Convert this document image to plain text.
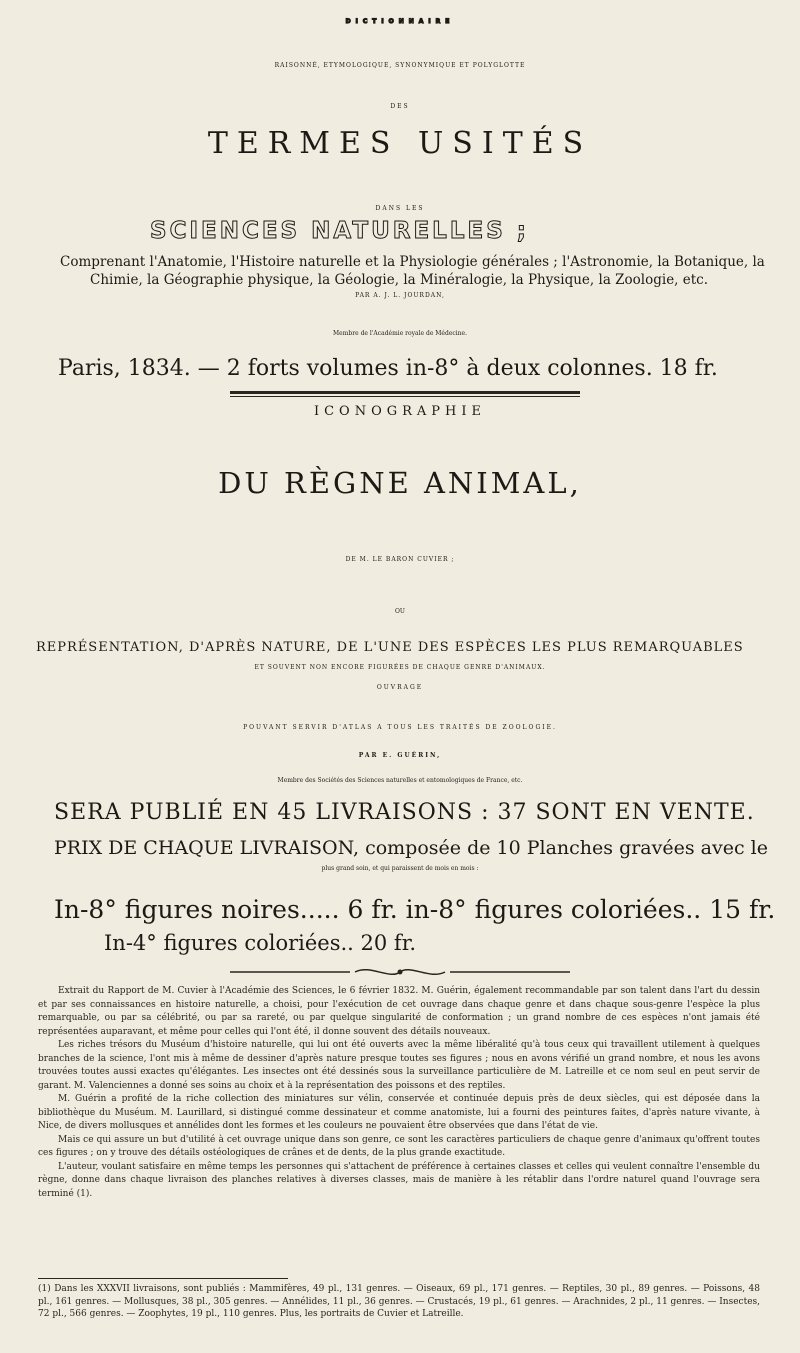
DICTIONNAIRE
RAISONNÉ, ETYMOLOGIQUE, SYNONYMIQUE ET POLYGLOTTE
DES
TERMES USITÉS
DANS LES
SCIENCES NATURELLES ;
Comprenant l'Anatomie, l'Histoire naturelle et la Physiologie générales ; l'Astronomie, la Botanique, la
Chimie, la Géographie physique, la Géologie, la Minéralogie, la Physique, la Zoologie, etc.
PAR A. J. L. JOURDAN,
Membre de l'Académie royale de Médecine.
Paris, 1834. — 2 forts volumes in-8° à deux colonnes. 18 fr.
ICONOGRAPHIE
DU RÈGNE ANIMAL,
DE M. LE BARON CUVIER ;
OU
REPRÉSENTATION, D'APRÈS NATURE, DE L'UNE DES ESPÈCES LES PLUS REMARQUABLES
ET SOUVENT NON ENCORE FIGURÉES DE CHAQUE GENRE D'ANIMAUX.
OUVRAGE
POUVANT SERVIR D'ATLAS A TOUS LES TRAITÉS DE ZOOLOGIE.
PAR E. GUÉRIN,
Membre des Sociétés des Sciences naturelles et entomologiques de France, etc.
SERA PUBLIÉ EN 45 LIVRAISONS : 37 SONT EN VENTE.
PRIX DE CHAQUE LIVRAISON, composée de 10 Planches gravées avec le
plus grand soin, et qui paraissent de mois en mois :
In-8° figures noires..... 6 fr. in-8° figures coloriées.. 15 fr.
In-4° figures coloriées.. 20 fr.

Extrait du Rapport de M. Cuvier à l'Académie des Sciences, le 6 février 1832. M. Guérin, également recommandable par son talent dans l'art du dessin et par ses connaissances en histoire naturelle, a choisi, pour l'exécution de cet ouvrage dans chaque genre et dans chaque sous-genre l'espèce la plus remarquable, ou par sa célébrité, ou par sa rareté, ou par quelque singularité de conformation ; un grand nombre de ces espèces n'ont jamais été représentées auparavant, et même pour celles qui l'ont été, il donne souvent des détails nouveaux.

Les riches trésors du Muséum d'histoire naturelle, qui lui ont été ouverts avec la même libéralité qu'à tous ceux qui travaillent utilement à quelques branches de la science, l'ont mis à même de dessiner d'après nature presque toutes ses figures ; nous en avons vérifié un grand nombre, et nous les avons trouvées toutes aussi exactes qu'élégantes. Les insectes ont été dessinés sous la surveillance particulière de M. Latreille et ce nom seul en peut servir de garant. M. Valenciennes a donné ses soins au choix et à la représentation des poissons et des reptiles.

M. Guérin a profité de la riche collection des miniatures sur vélin, conservée et continuée depuis près de deux siècles, qui est déposée dans la bibliothèque du Muséum. M. Laurillard, si distingué comme dessinateur et comme anatomiste, lui a fourni des peintures faites, d'après nature vivante, à Nice, de divers mollusques et annélides dont les formes et les couleurs ne pouvaient être observées que dans l'état de vie.

Mais ce qui assure un but d'utilité à cet ouvrage unique dans son genre, ce sont les caractères particuliers de chaque genre d'animaux qu'offrent toutes ces figures ; on y trouve des détails ostéologiques de crânes et de dents, de la plus grande exactitude.

L'auteur, voulant satisfaire en même temps les personnes qui s'attachent de préférence à certaines classes et celles qui veulent connaître l'ensemble du règne, donne dans chaque livraison des planches relatives à diverses classes, mais de manière à les rétablir dans l'ordre naturel quand l'ouvrage sera terminé (1).

(1) Dans les XXXVII livraisons, sont publiés : Mammifères, 49 pl., 131 genres. — Oiseaux, 69 pl., 171 genres. — Reptiles, 30 pl., 89 genres. — Poissons, 48 pl., 161 genres. — Mollusques, 38 pl., 305 genres. — Annélides, 11 pl., 36 genres. — Crustacés, 19 pl., 61 genres. — Arachnides, 2 pl., 11 genres. — Insectes, 72 pl., 566 genres. — Zoophytes, 19 pl., 110 genres. Plus, les portraits de Cuvier et Latreille.
